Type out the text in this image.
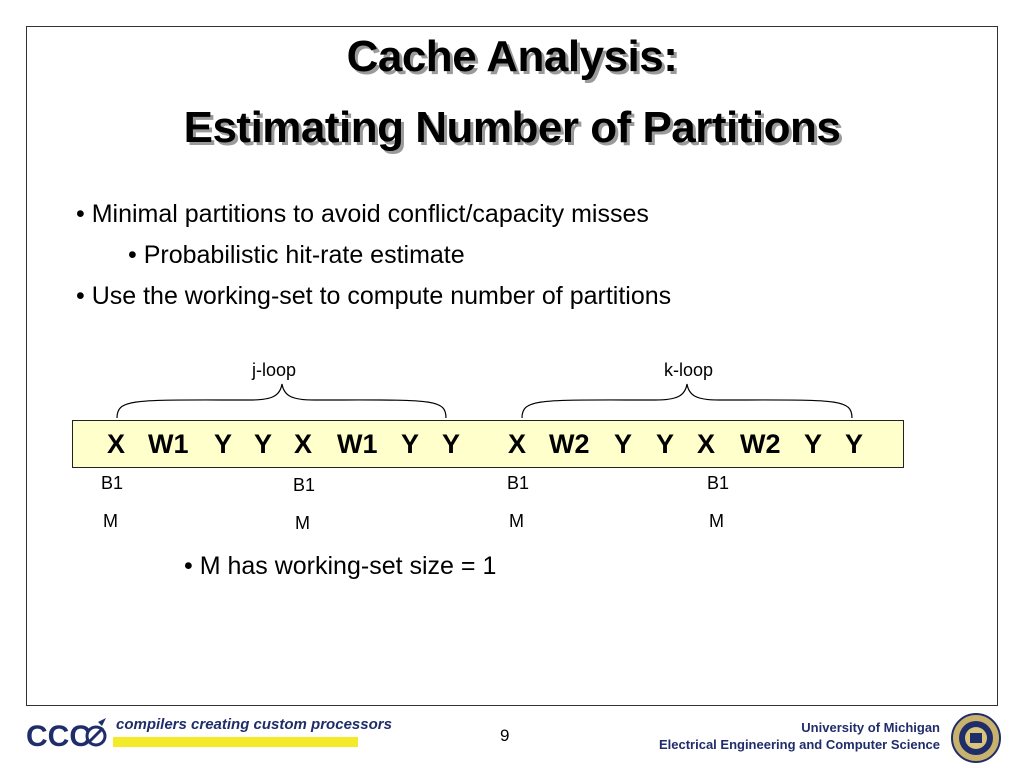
Cache Analysis:
Estimating Number of Partitions
• Minimal partitions to avoid conflict/capacity misses
• Probabilistic hit-rate estimate
• Use the working-set to compute number of partitions
j-loop	k-loop
X W1 Y Y X W1 Y Y X W2 Y Y X W2 Y Y
B1
M
B1
M
B1
M
B1
M
• M has working-set size = 1
CCC compilers creating custom processors
9	University of Michigan
Electrical Engineering and Computer Science
